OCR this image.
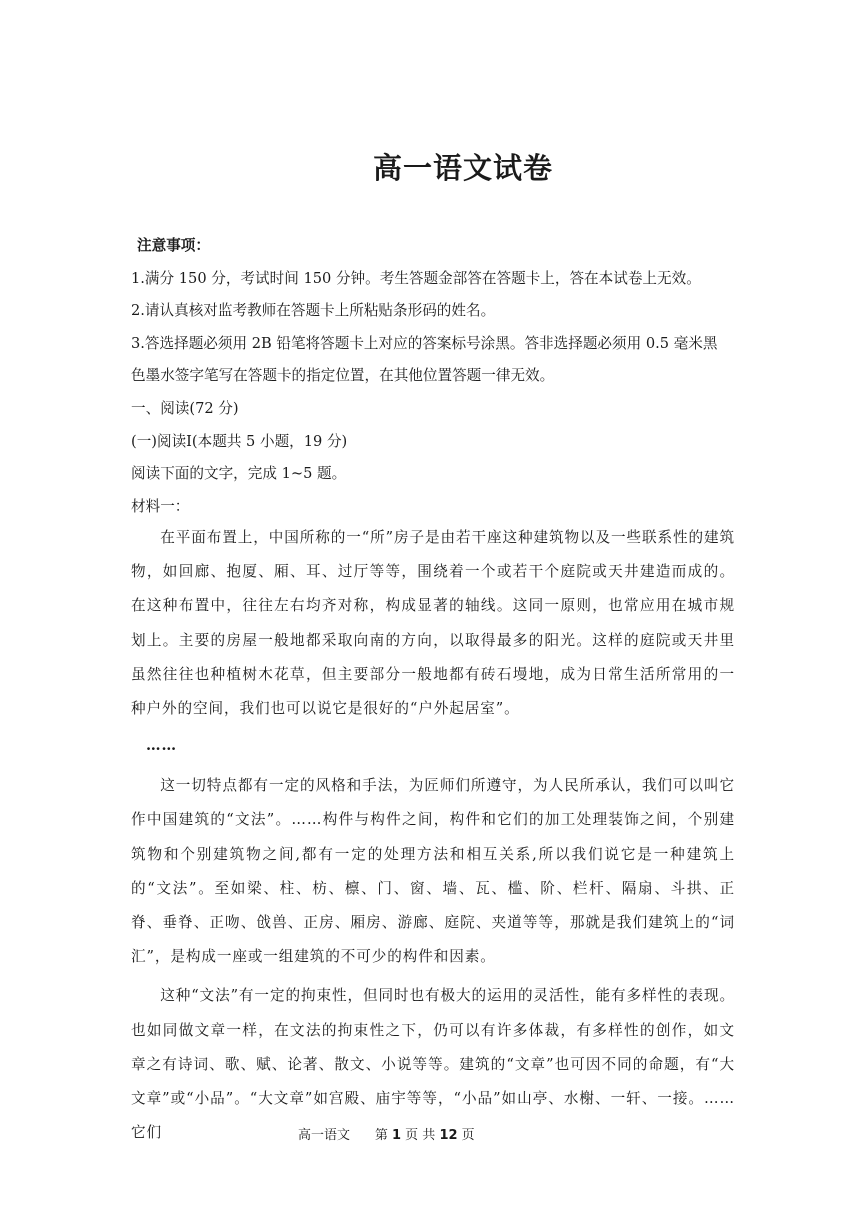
高一语文试卷
注意事项：
1.满分 150 分，考试时间 150 分钟。考生答题金部答在答题卡上，答在本试卷上无效。
2.请认真核对监考教师在答题卡上所粘贴条形码的姓名。
3.答选择题必须用 2B 铅笔将答题卡上对应的答案标号涂黑。答非选择题必须用 0.5 毫米黑
色墨水签字笔写在答题卡的指定位置，在其他位置答题一律无效。
一、阅读(72 分)
(一)阅读Ⅰ(本题共 5 小题，19 分)
阅读下面的文字，完成 1~5 题。
材料一：

在平面布置上，中国所称的一“所”房子是由若干座这种建筑物以及一些联系性的建筑物，如回廊、抱厦、厢、耳、过厅等等，围绕着一个或若干个庭院或天井建造而成的。在这种布置中，往往左右均齐对称，构成显著的轴线。这同一原则，也常应用在城市规划上。主要的房屋一般地都采取向南的方向，以取得最多的阳光。这样的庭院或天井里虽然往往也种植树木花草，但主要部分一般地都有砖石墁地，成为日常生活所常用的一种户外的空间，我们也可以说它是很好的“户外起居室”。

……

这一切特点都有一定的风格和手法，为匠师们所遵守，为人民所承认，我们可以叫它作中国建筑的“文法”。……构件与构件之间，构件和它们的加工处理装饰之间，个别建筑物和个别建筑物之间,都有一定的处理方法和相互关系,所以我们说它是一种建筑上的“文法”。至如梁、柱、枋、檩、门、窗、墙、瓦、槛、阶、栏杆、隔扇、斗拱、正脊、垂脊、正吻、戗兽、正房、厢房、游廊、庭院、夹道等等，那就是我们建筑上的“词汇”，是构成一座或一组建筑的不可少的构件和因素。

这种“文法”有一定的拘束性，但同时也有极大的运用的灵活性，能有多样性的表现。也如同做文章一样，在文法的拘束性之下，仍可以有许多体裁，有多样性的创作，如文章之有诗词、歌、赋、论著、散文、小说等等。建筑的“文章”也可因不同的命题，有“大文章”或“小品”。“大文章”如宫殿、庙宇等等，“小品”如山亭、水榭、一轩、一接。……它们	高一语文 第 1 页 共 12 页
